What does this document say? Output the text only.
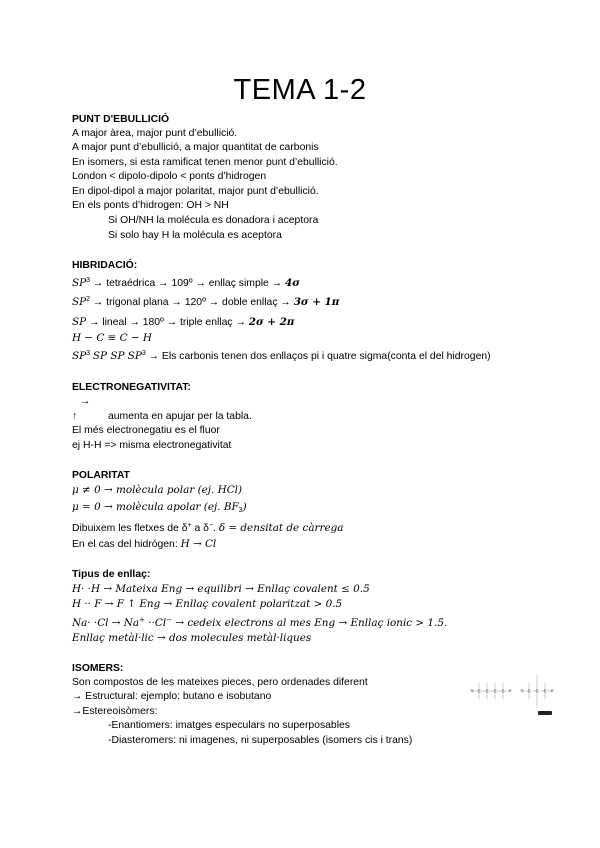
TEMA 1-2
PUNT D'EBULLICIÓ
A major àrea, major punt d’ebullició.
A major punt d’ebullició, a major quantitat de carbonis
En isomers, si esta ramificat tenen menor punt d’ebullició.
London < dipolo-dipolo < ponts d’hidrogen
En dipol-dipol a major polaritat, major punt d’ebullició.
En els ponts d’hidrogen: OH > NH
Si OH/NH la molécula es donadora i aceptora
Si solo hay H la molécula es aceptora
HIBRIDACIÓ:
$SP^3$ → tetraédrica → 109º → enllaç simple → 4σ
$SP^2$ → trigonal plana → 120º → doble enllaç → 3σ + 1π
SP → lineal → 180º → triple enllaç → 2σ + 2π
H − C ≡ C − H
$SP^3$ SP SP $SP^3$ → Els carbonis tenen dos enllaços pi i quatre sigma(conta el del hidrogen)
ELECTRONEGATIVITAT:
→
↑	aumenta en apujar per la tabla.
El més electronegatiu es el fluor
ej H-H => misma electronegativitat
POLARITAT
μ ≠ 0 → molècula polar (ej. HCl)
μ = 0 → molècula apolar (ej. $BF_3$)
Dibuixem les fletxes de δ+ a δ−. δ = densitat de càrrega
En el cas del hidrógen: H → Cl
Tipus de enllaç:
H· ·H → Mateixa Eng → equilibri → Enllaç covalent ≤ 0.5
H ·· F → F ↑ Eng → Enllaç covalent polaritzat > 0.5
Na· ·Cl → Na+ ··Cl− → cedeix electrons al mes Eng → Enllaç ionic > 1.5.
Enllaç metàl·lic → dos molecules metàl·liques
ISOMERS:
Son compostos de les mateixes pieces, pero ordenades diferent
→ Estructural: ejemplo: butano e isobutano
→Estereoisòmers:
-Enantiomers: imatges especulars no superposables
-Diasteromers: ni imagenes, ni superposables (isomers cis i trans)
H C C C C H H C C C H
